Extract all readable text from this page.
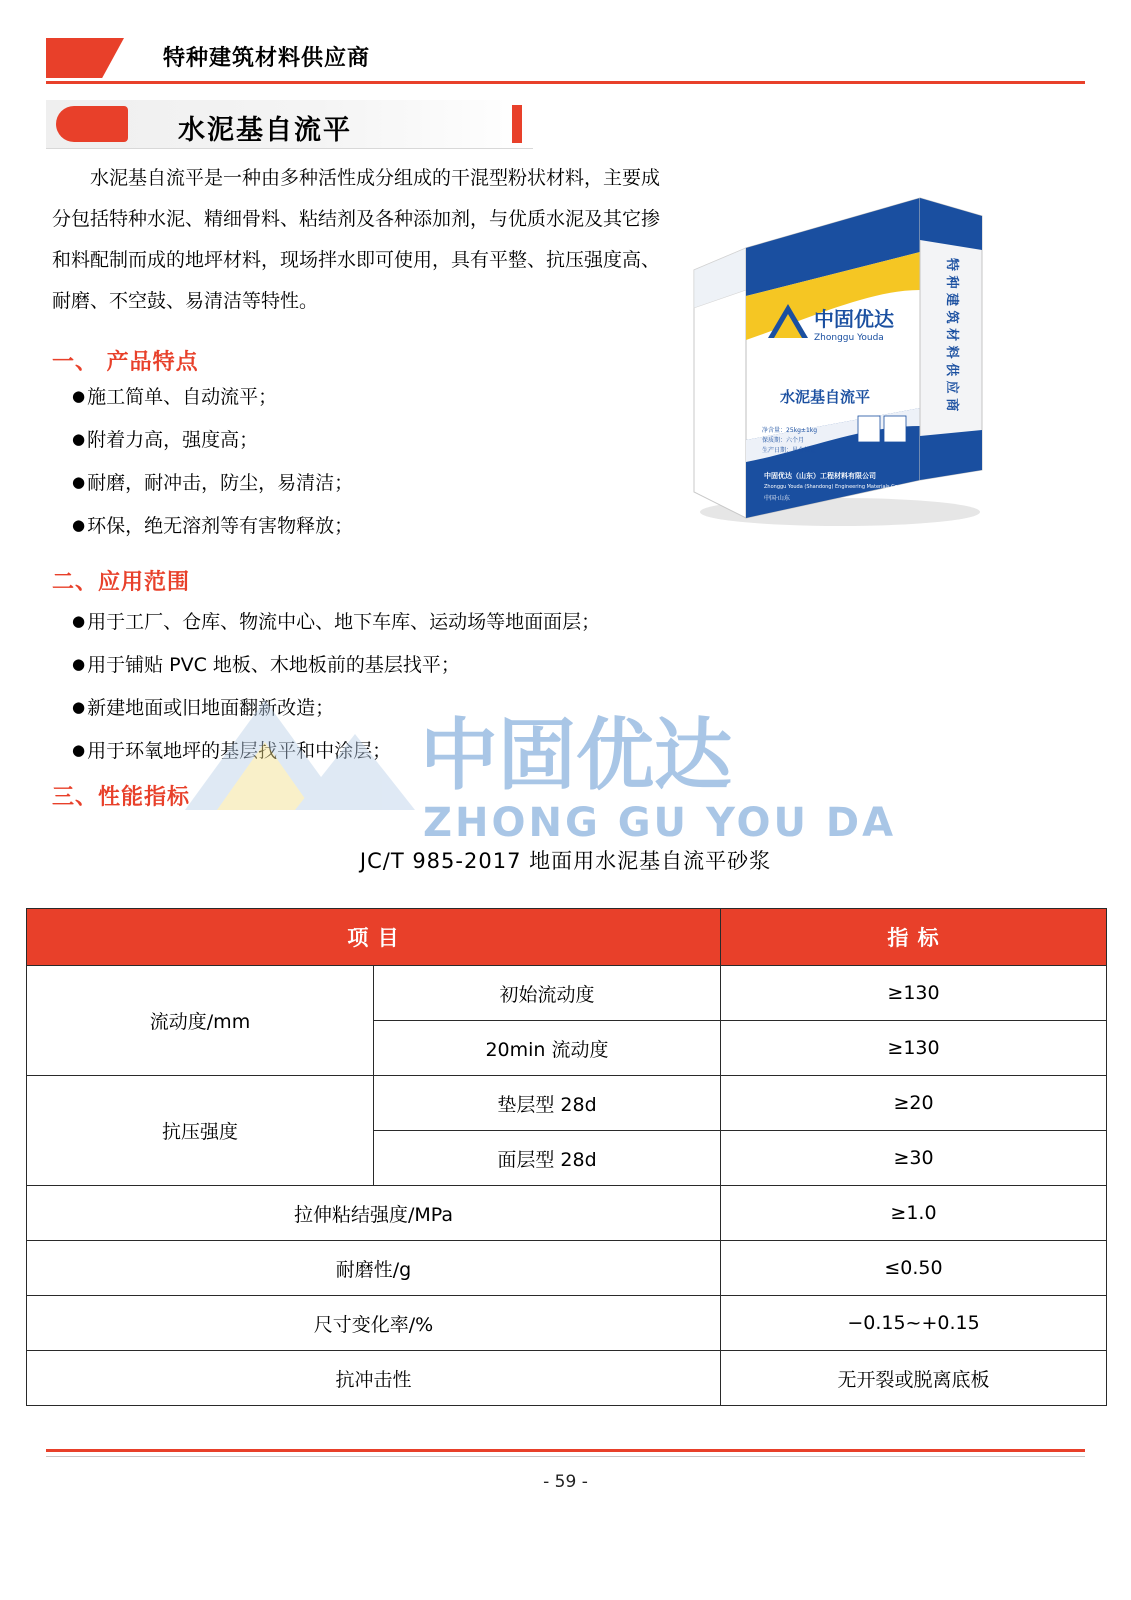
特种建筑材料供应商
水泥基自流平

水泥基自流平是一种由多种活性成分组成的干混型粉状材料，主要成分包括特种水泥、精细骨料、粘结剂及各种添加剂，与优质水泥及其它掺和料配制而成的地坪材料，现场拌水即可使用，具有平整、抗压强度高、 耐磨、不空鼓、易清洁等特性。

中固优达
Zhonggu Youda
水泥基自流平
净含量：25kg±1kg
保质期：六个月
生产日期：见合格证
中固优达（山东）工程材料有限公司
Zhonggu Youda (Shandong) Engineering Materials Co., Ltd
中国·山东
特 种 建 筑 材 料 供 应 商
一、 产品特点
● 施工简单、自动流平；
● 附着力高，强度高；
● 耐磨，耐冲击，防尘，易清洁；
● 环保，绝无溶剂等有害物释放；
二、应用范围
● 用于工厂、仓库、物流中心、地下车库、运动场等地面面层；
● 用于铺贴 PVC 地板、木地板前的基层找平；
● 新建地面或旧地面翻新改造；
● 用于环氧地坪的基层找平和中涂层；
三、性能指标	中固优达
ZHONG GU YOU DA
JC/T 985-2017 地面用水泥基自流平砂浆
项 目		指 标
流动度/mm	初始流动度	≥130
	20min 流动度	≥130
抗压强度	垫层型 28d	≥20
	面层型 28d	≥30
拉伸粘结强度/MPa		≥1.0
耐磨性/g		≤0.50
尺寸变化率/%		−0.15~+0.15
抗冲击性		无开裂或脱离底板
- 59 -
